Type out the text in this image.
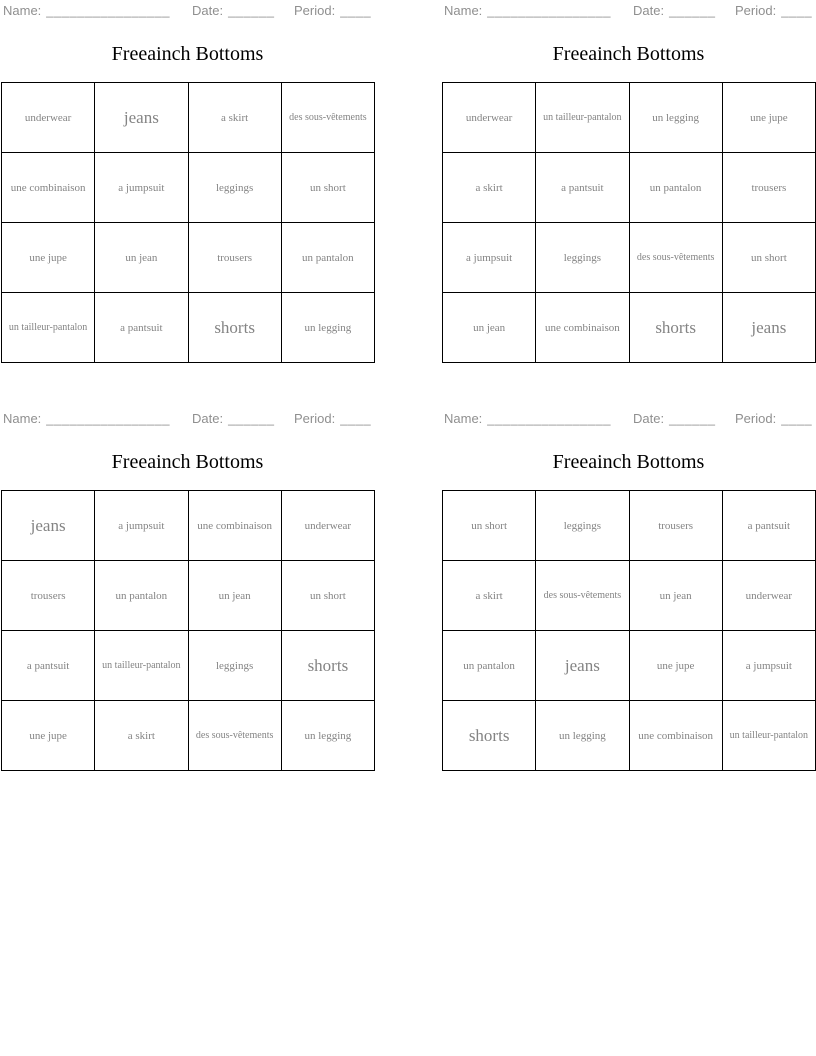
Name: ________________ Date: ______ Period: ____
Freeainch Bottoms
underwear	jeans	a skirt	des sous-vêtements
une combinaison	a jumpsuit	leggings	un short
une jupe	un jean	trousers	un pantalon
un tailleur-pantalon	a pantsuit	shorts	un legging
Name: ________________ Date: ______ Period: ____
Freeainch Bottoms
underwear	un tailleur-pantalon	un legging	une jupe
a skirt	a pantsuit	un pantalon	trousers
a jumpsuit	leggings	des sous-vêtements	un short
un jean	une combinaison	shorts	jeans
Name: ________________ Date: ______ Period: ____
Freeainch Bottoms
jeans	a jumpsuit	une combinaison	underwear
trousers	un pantalon	un jean	un short
a pantsuit	un tailleur-pantalon	leggings	shorts
une jupe	a skirt	des sous-vêtements	un legging
Name: ________________ Date: ______ Period: ____
Freeainch Bottoms
un short	leggings	trousers	a pantsuit
a skirt	des sous-vêtements	un jean	underwear
un pantalon	jeans	une jupe	a jumpsuit
shorts	un legging	une combinaison	un tailleur-pantalon
